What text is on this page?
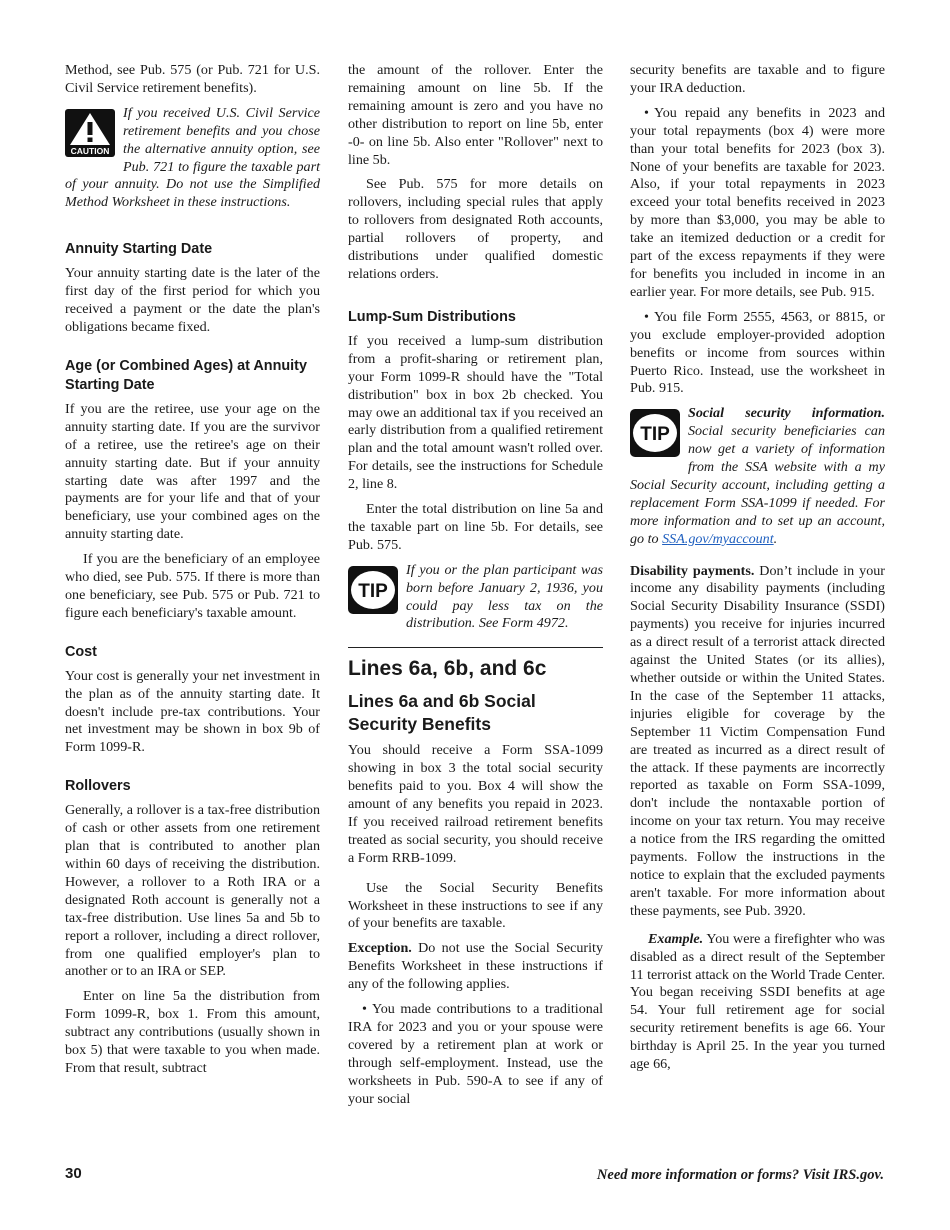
Method, see Pub. 575 (or Pub. 721 for U.S. Civil Service retirement benefits).

CAUTION

If you received U.S. Civil Service retirement benefits and you chose the alternative annuity option, see Pub. 721 to figure the taxable part of your annuity. Do not use the Simplified Method Worksheet in these instructions.

Annuity Starting Date

Your annuity starting date is the later of the first day of the first period for which you received a payment or the date the plan's obligations became fixed.

Age (or Combined Ages) at Annuity Starting Date

If you are the retiree, use your age on the annuity starting date. If you are the survivor of a retiree, use the retiree's age on their annuity starting date. But if your annuity starting date was after 1997 and the payments are for your life and that of your beneficiary, use your combined ages on the annuity starting date.

If you are the beneficiary of an employee who died, see Pub. 575. If there is more than one beneficiary, see Pub. 575 or Pub. 721 to figure each beneficiary's taxable amount.

Cost

Your cost is generally your net investment in the plan as of the annuity starting date. It doesn't include pre-tax contributions. Your net investment may be shown in box 9b of Form 1099-R.

Rollovers

Generally, a rollover is a tax-free distribution of cash or other assets from one retirement plan that is contributed to another plan within 60 days of receiving the distribution. However, a rollover to a Roth IRA or a designated Roth account is generally not a tax-free distribution. Use lines 5a and 5b to report a rollover, including a direct rollover, from one qualified employer's plan to another or to an IRA or SEP.

Enter on line 5a the distribution from Form 1099-R, box 1. From this amount, subtract any contributions (usually shown in box 5) that were taxable to you when made. From that result, subtract

the amount of the rollover. Enter the remaining amount on line 5b. If the remaining amount is zero and you have no other distribution to report on line 5b, enter -0- on line 5b. Also enter "Rollover" next to line 5b.

See Pub. 575 for more details on rollovers, including special rules that apply to rollovers from designated Roth accounts, partial rollovers of property, and distributions under qualified domestic relations orders.

Lump-Sum Distributions

If you received a lump-sum distribution from a profit-sharing or retirement plan, your Form 1099-R should have the "Total distribution" box in box 2b checked. You may owe an additional tax if you received an early distribution from a qualified retirement plan and the total amount wasn't rolled over. For details, see the instructions for Schedule 2, line 8.

Enter the total distribution on line 5a and the taxable part on line 5b. For details, see Pub. 575.

TIP

If you or the plan participant was born before January 2, 1936, you could pay less tax on the distribution. See Form 4972.

Lines 6a, 6b, and 6c
Lines 6a and 6b Social Security Benefits

You should receive a Form SSA-1099 showing in box 3 the total social security benefits paid to you. Box 4 will show the amount of any benefits you repaid in 2023. If you received railroad retirement benefits treated as social security, you should receive a Form RRB-1099.

Use the Social Security Benefits Worksheet in these instructions to see if any of your benefits are taxable.

Exception. Do not use the Social Security Benefits Worksheet in these instructions if any of the following applies.

• You made contributions to a traditional IRA for 2023 and you or your spouse were covered by a retirement plan at work or through self-employment. Instead, use the worksheets in Pub. 590-A to see if any of your social

security benefits are taxable and to figure your IRA deduction.

• You repaid any benefits in 2023 and your total repayments (box 4) were more than your total benefits for 2023 (box 3). None of your benefits are taxable for 2023. Also, if your total repayments in 2023 exceed your total benefits received in 2023 by more than $3,000, you may be able to take an itemized deduction or a credit for part of the excess repayments if they were for benefits you included in income in an earlier year. For more details, see Pub. 915.

• You file Form 2555, 4563, or 8815, or you exclude employer-provided adoption benefits or income from sources within Puerto Rico. Instead, use the worksheet in Pub. 915.

TIP

Social security information. Social security beneficiaries can now get a variety of information from the SSA website with a my Social Security account, including getting a replacement Form SSA-1099 if needed. For more information and to set up an account, go to SSA.gov/myaccount.

Disability payments. Don’t include in your income any disability payments (including Social Security Disability Insurance (SSDI) payments) you receive for injuries incurred as a direct result of a terrorist attack directed against the United States (or its allies), whether outside or within the United States. In the case of the September 11 attacks, injuries eligible for coverage by the September 11 Victim Compensation Fund are treated as incurred as a direct result of the attack. If these payments are incorrectly reported as taxable on Form SSA-1099, don't include the nontaxable portion of income on your tax return. You may receive a notice from the IRS regarding the omitted payments. Follow the instructions in the notice to explain that the excluded payments aren't taxable. For more information about these payments, see Pub. 3920.

Example. You were a firefighter who was disabled as a direct result of the September 11 terrorist attack on the World Trade Center. You began receiving SSDI benefits at age 54. Your full retirement age for social security retirement benefits is age 66. Your birthday is April 25. In the year you turned age 66,

30	Need more information or forms? Visit IRS.gov.
